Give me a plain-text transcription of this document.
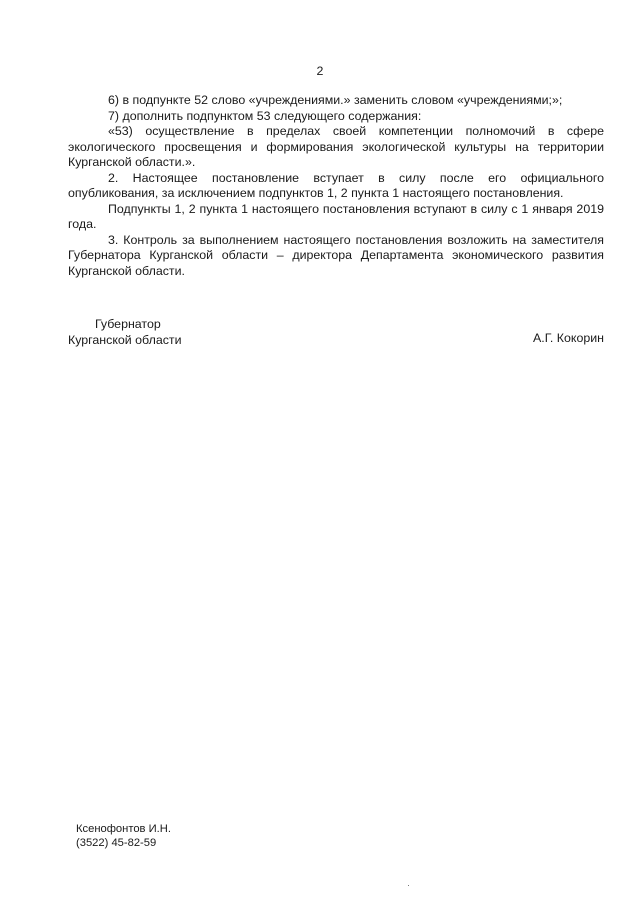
2

6) в подпункте 52 слово «учреждениями.» заменить словом «учреждениями;»;

7) дополнить подпунктом 53 следующего содержания:

«53) осуществление в пределах своей компетенции полномочий в сфере экологического просвещения и формирования экологической культуры на территории Курганской области.».

2. Настоящее постановление вступает в силу после его официального опубликования, за исключением подпунктов 1, 2 пункта 1 настоящего постановления.

Подпункты 1, 2 пункта 1 настоящего постановления вступают в силу с 1 января 2019 года.

3. Контроль за выполнением настоящего постановления возложить на заместителя Губернатора Курганской области – директора Департамента экономического развития Курганской области.

Губернатор
Курганской области	А.Г. Кокорин
Ксенофонтов И.Н.
(3522) 45-82-59
